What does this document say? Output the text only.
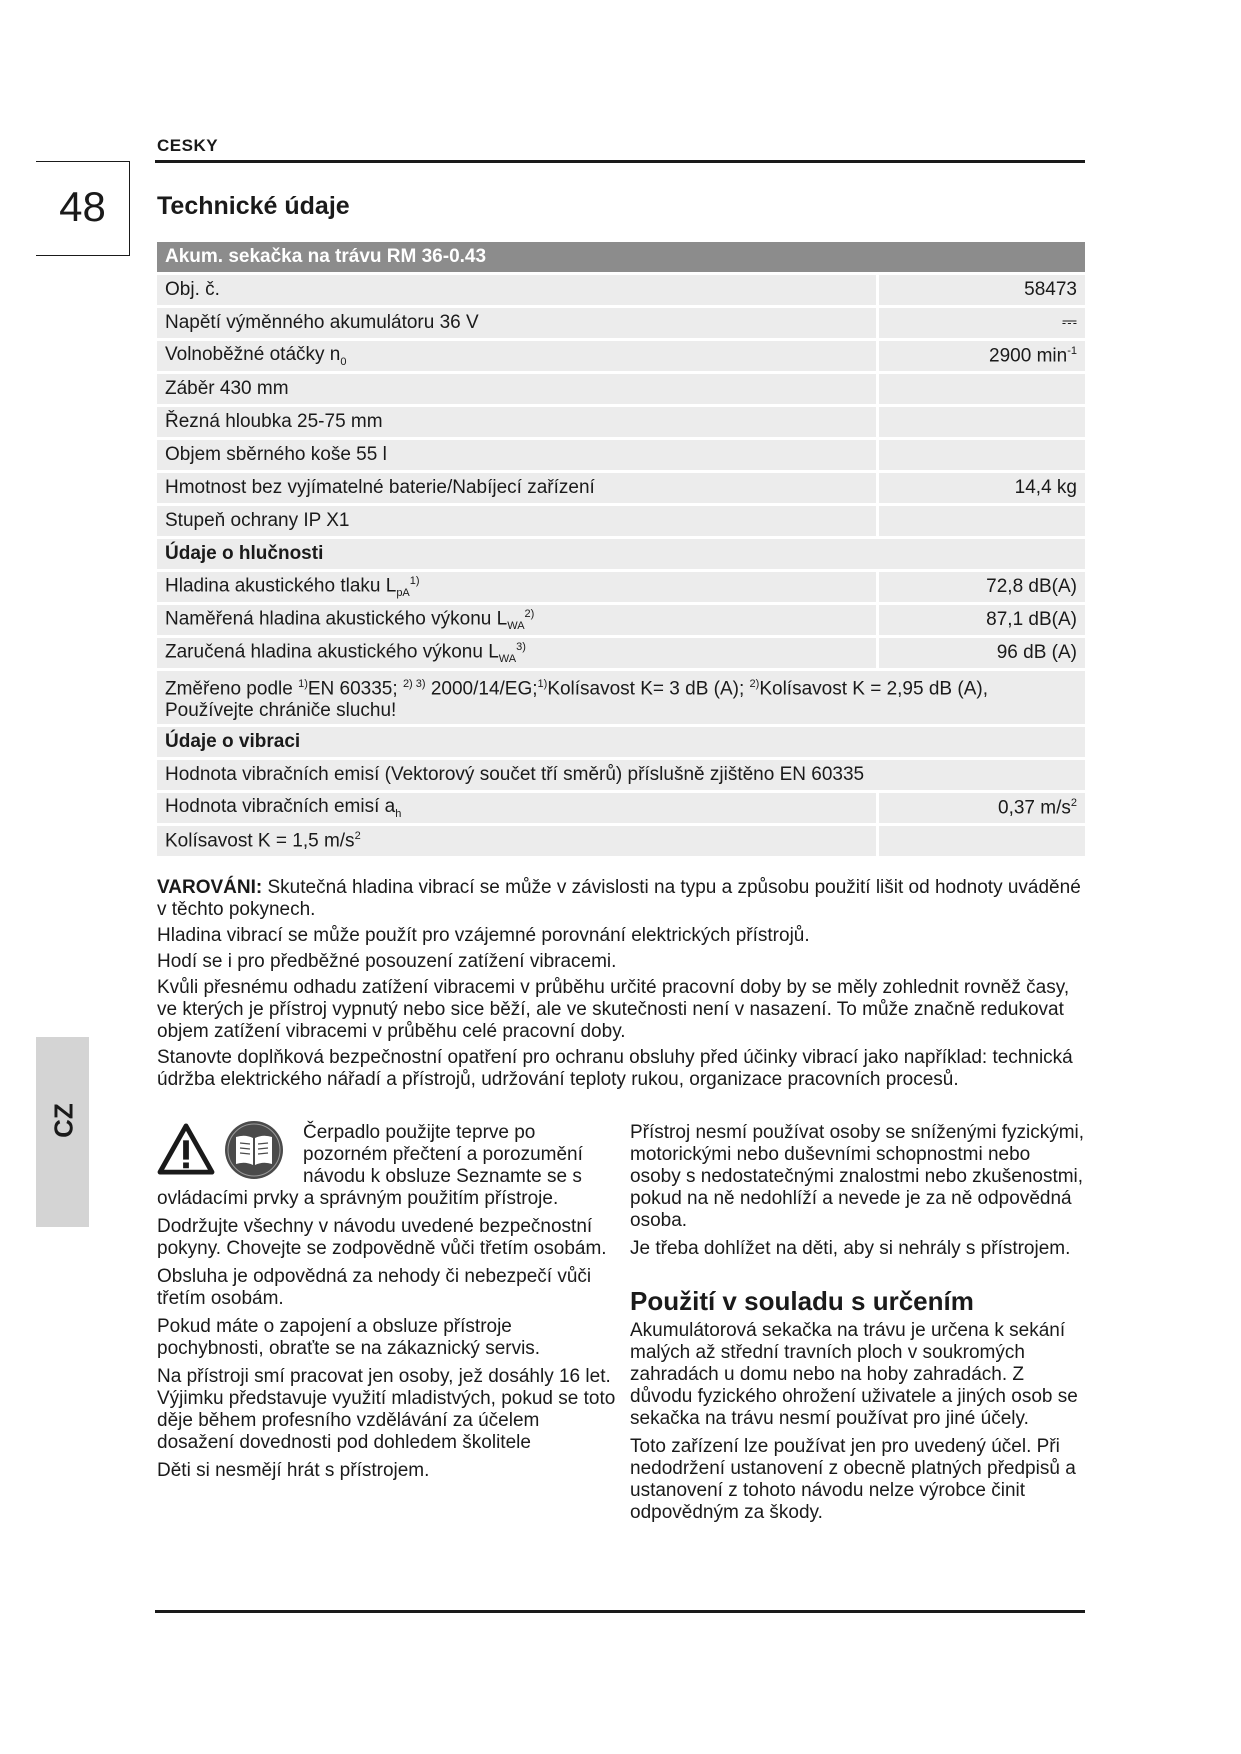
CESKY
48	Technické údaje
Akum. sekačka na trávu RM 36-0.43	
Obj. č.	58473
Napětí výměnného akumulátoru 36 V	⎓
Volnoběžné otáčky $n_0$	2900 $\min^{-1}$
Záběr 430 mm	
Řezná hloubka 25-75 mm	
Objem sběrného koše 55 l	
Hmotnost bez vyjímatelné baterie/Nabíjecí zařízení	14,4 kg
Stupeň ochrany IP X1	
Údaje o hlučnosti	
Hladina akustického tlaku $L_{pA}^{1)}$	72,8 dB(A)
Naměřená hladina akustického výkonu $L_{WA}^{2)}$	87,1 dB(A)
Zaručená hladina akustického výkonu $L_{WA}^{3)}$	96 dB (A)
Změřeno podle $^{1)}$EN 60335; $^{2) 3)}$ 2000/14/EG;$^{1)}$Kolísavost K= 3 dB (A); $^{2)}$Kolísavost K = 2,95 dB (A), Používejte chrániče sluchu!	
Údaje o vibraci	
Hodnota vibračních emisí (Vektorový součet tří směrů) příslušně zjištěno EN 60335	
Hodnota vibračních emisí $a_h$	0,37 $m/s^2$
Kolísavost K = 1,5 $m/s^2$	

VAROVÁNI: Skutečná hladina vibrací se může v závislosti na typu a způsobu použití lišit od hodnoty uváděné v těchto pokynech.

Hladina vibrací se může použít pro vzájemné porovnání elektrických přístrojů.

Hodí se i pro předběžné posouzení zatížení vibracemi.

Kvůli přesnému odhadu zatížení vibracemi v průběhu určité pracovní doby by se měly zohlednit rovněž časy, ve kterých je přístroj vypnutý nebo sice běží, ale ve skutečnosti není v nasazení. To může značně redukovat objem zatížení vibracemi v průběhu celé pracovní doby.

Stanovte doplňková bezpečnostní opatření pro ochranu obsluhy před účinky vibrací jako například: technická údržba elektrického nářadí a přístrojů, udržování teploty rukou, organizace pracovních procesů.

CZ	Čerpadlo použijte teprve po pozorném přečtení a porozumění návodu k obsluze Seznamte se s ovládacími prvky a správným použitím přístroje.

Dodržujte všechny v návodu uvedené bezpečnostní pokyny. Chovejte se zodpovědně vůči třetím osobám.

Obsluha je odpovědná za nehody či nebezpečí vůči třetím osobám.

Pokud máte o zapojení a obsluze přístroje pochybnosti, obraťte se na zákaznický servis.

Na přístroji smí pracovat jen osoby, jež dosáhly 16 let. Výjimku představuje využití mladistvých, pokud se toto děje během profesního vzdělávání za účelem dosažení dovednosti pod dohledem školitele

Děti si nesmějí hrát s přístrojem.

Přístroj nesmí používat osoby se sníženými fyzickými, motorickými nebo duševními schopnostmi nebo osoby s nedostatečnými znalostmi nebo zkušenostmi, pokud na ně nedohlíží a nevede je za ně odpovědná osoba.

Je třeba dohlížet na děti, aby si nehrály s přístrojem.

Použití v souladu s určením

Akumulátorová sekačka na trávu je určena k sekání malých až střední travních ploch v soukromých zahradách u domu nebo na hoby zahradách. Z důvodu fyzického ohrožení uživatele a jiných osob se sekačka na trávu nesmí používat pro jiné účely.

Toto zařízení lze používat jen pro uvedený účel. Při nedodržení ustanovení z obecně platných předpisů a ustanovení z tohoto návodu nelze výrobce činit odpovědným za škody.
